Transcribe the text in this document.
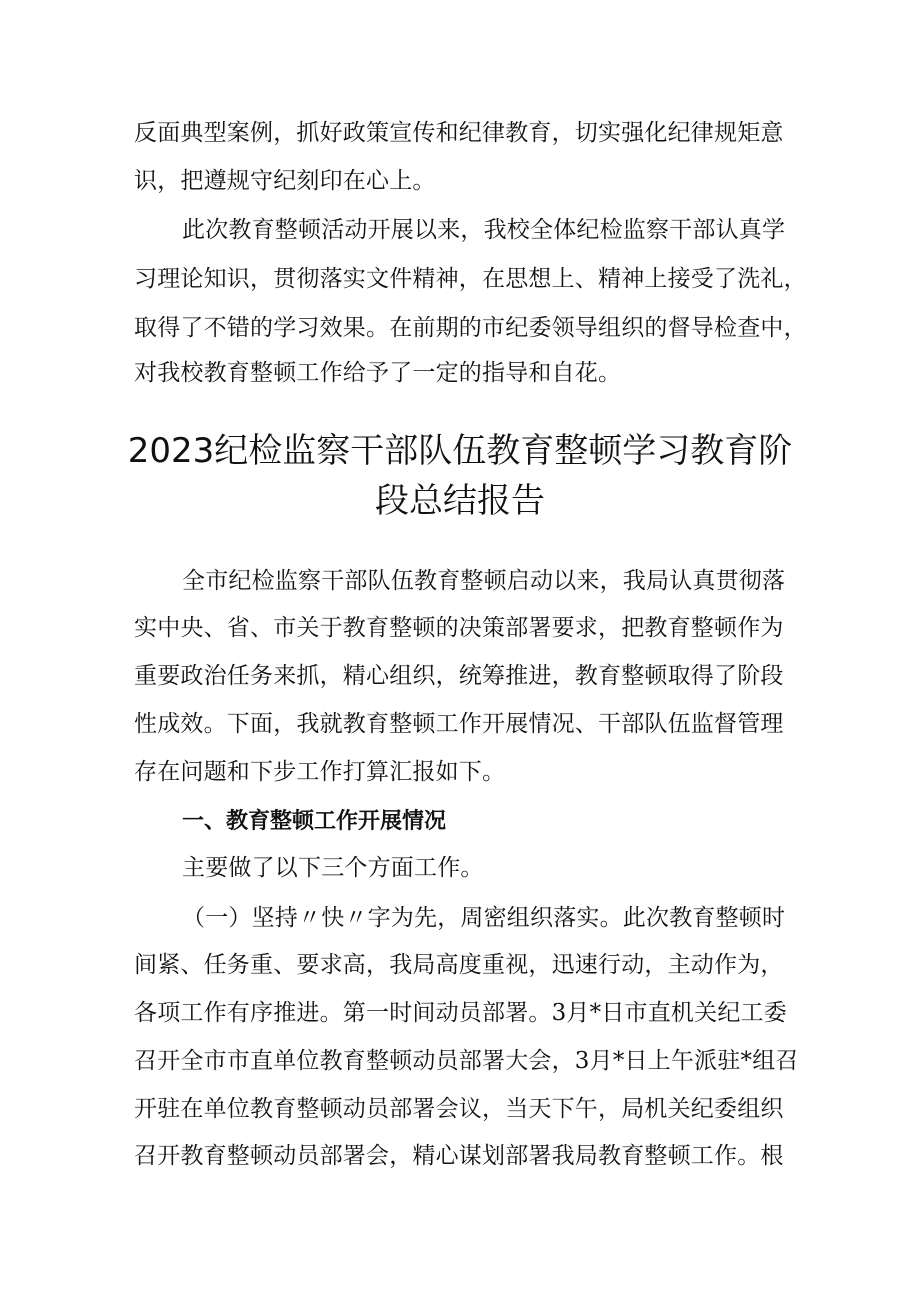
反面典型案例，抓好政策宣传和纪律教育，切实强化纪律规矩意
识，把遵规守纪刻印在心上。
此次教育整顿活动开展以来，我校全体纪检监察干部认真学
习理论知识，贯彻落实文件精神，在思想上、精神上接受了洗礼，
取得了不错的学习效果。在前期的市纪委领导组织的督导检查中，
对我校教育整顿工作给予了一定的指导和自花。
2023纪检监察干部队伍教育整顿学习教育阶
段总结报告
全市纪检监察干部队伍教育整顿启动以来，我局认真贯彻落
实中央、省、市关于教育整顿的决策部署要求，把教育整顿作为
重要政治任务来抓，精心组织，统筹推进，教育整顿取得了阶段
性成效。下面，我就教育整顿工作开展情况、干部队伍监督管理
存在问题和下步工作打算汇报如下。
一、教育整顿工作开展情况
主要做了以下三个方面工作。
（一）坚持〃快〃字为先，周密组织落实。此次教育整顿时
间紧、任务重、要求高，我局高度重视，迅速行动，主动作为，
各项工作有序推进。第一时间动员部署。3月*日市直机关纪工委
召开全市市直单位教育整顿动员部署大会，3月*日上午派驻*组召
开驻在单位教育整顿动员部署会议，当天下午，局机关纪委组织
召开教育整顿动员部署会，精心谋划部署我局教育整顿工作。根
